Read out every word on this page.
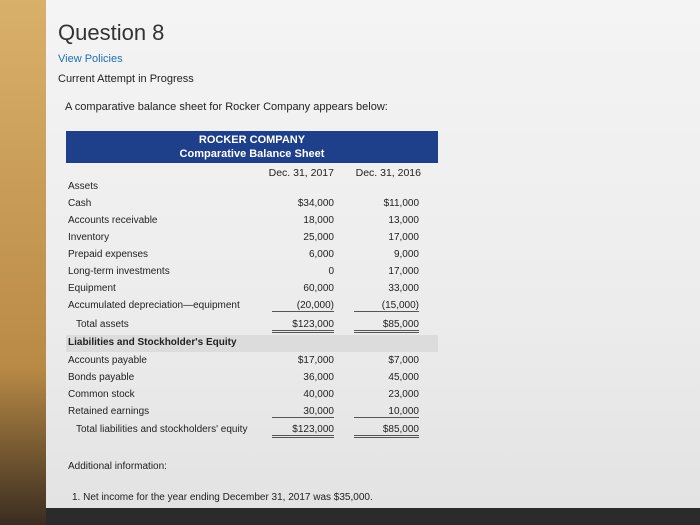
Question 8
View Policies
Current Attempt in Progress
A comparative balance sheet for Rocker Company appears below:
ROCKER COMPANY
Comparative Balance Sheet
Dec. 31, 2017	Dec. 31, 2016
Assets
Cash	$34,000	$11,000
Accounts receivable	18,000	13,000
Inventory	25,000	17,000
Prepaid expenses	6,000	9,000
Long-term investments	0	17,000
Equipment	60,000	33,000
Accumulated depreciation—equipment	(20,000)	(15,000)
Total assets	$123,000	$85,000
Liabilities and Stockholder's Equity
Accounts payable	$17,000	$7,000
Bonds payable	36,000	45,000
Common stock	40,000	23,000
Retained earnings	30,000	10,000
Total liabilities and stockholders' equity	$123,000	$85,000
Additional information:
1. Net income for the year ending December 31, 2017 was $35,000.
